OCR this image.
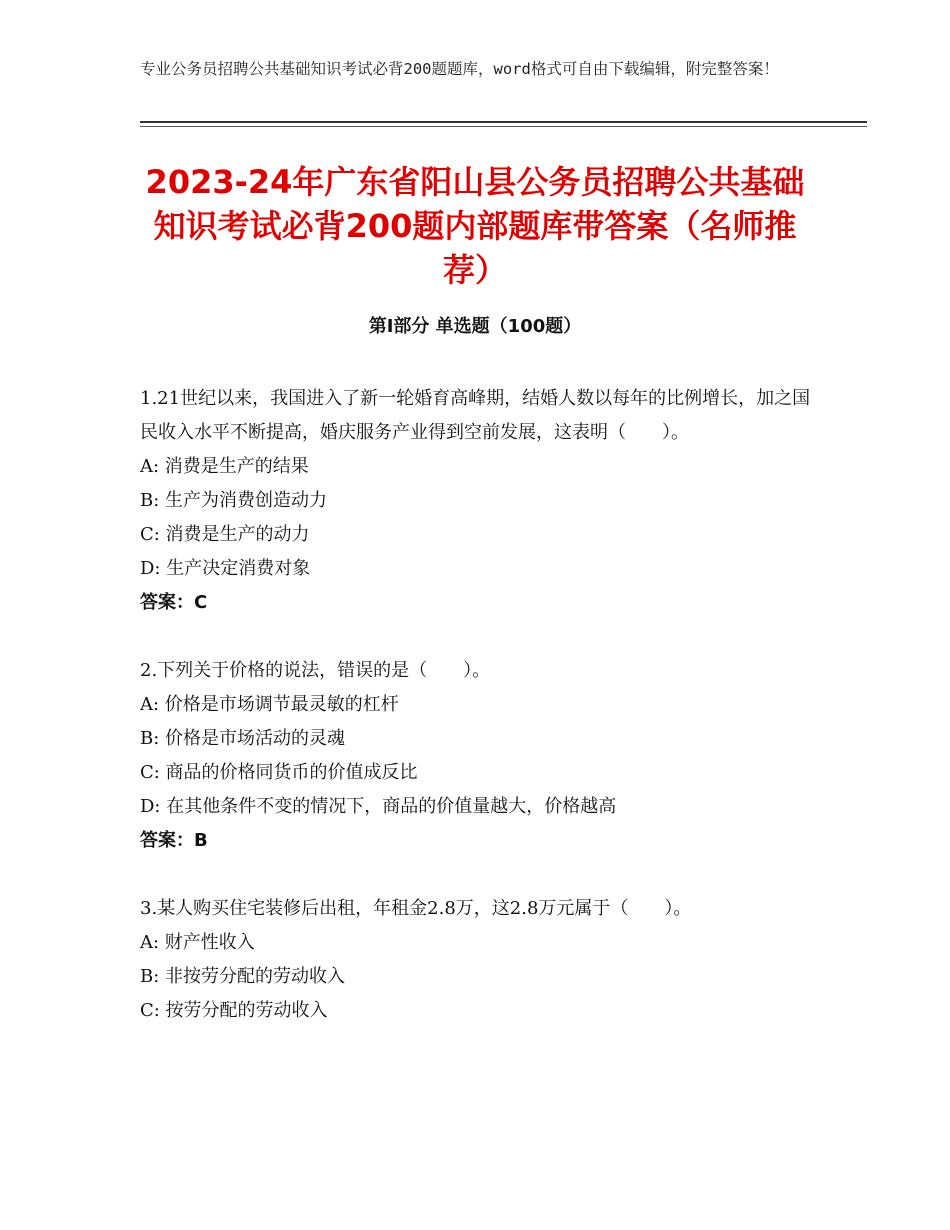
专业公务员招聘公共基础知识考试必背200题题库，word格式可自由下载编辑，附完整答案！
2023-24年广东省阳山县公务员招聘公共基础知识考试必背200题内部题库带答案（名师推荐）
第I部分 单选题（100题）

1.21世纪以来，我国进入了新一轮婚育高峰期，结婚人数以每年的比例增长，加之国民收入水平不断提高，婚庆服务产业得到空前发展，这表明（　　）。

A: 消费是生产的结果

B: 生产为消费创造动力

C: 消费是生产的动力

D: 生产决定消费对象

答案：C

2.下列关于价格的说法，错误的是（　　）。

A: 价格是市场调节最灵敏的杠杆

B: 价格是市场活动的灵魂

C: 商品的价格同货币的价值成反比

D: 在其他条件不变的情况下，商品的价值量越大，价格越高

答案：B

3.某人购买住宅装修后出租，年租金2.8万，这2.8万元属于（　　）。

A: 财产性收入

B: 非按劳分配的劳动收入

C: 按劳分配的劳动收入
